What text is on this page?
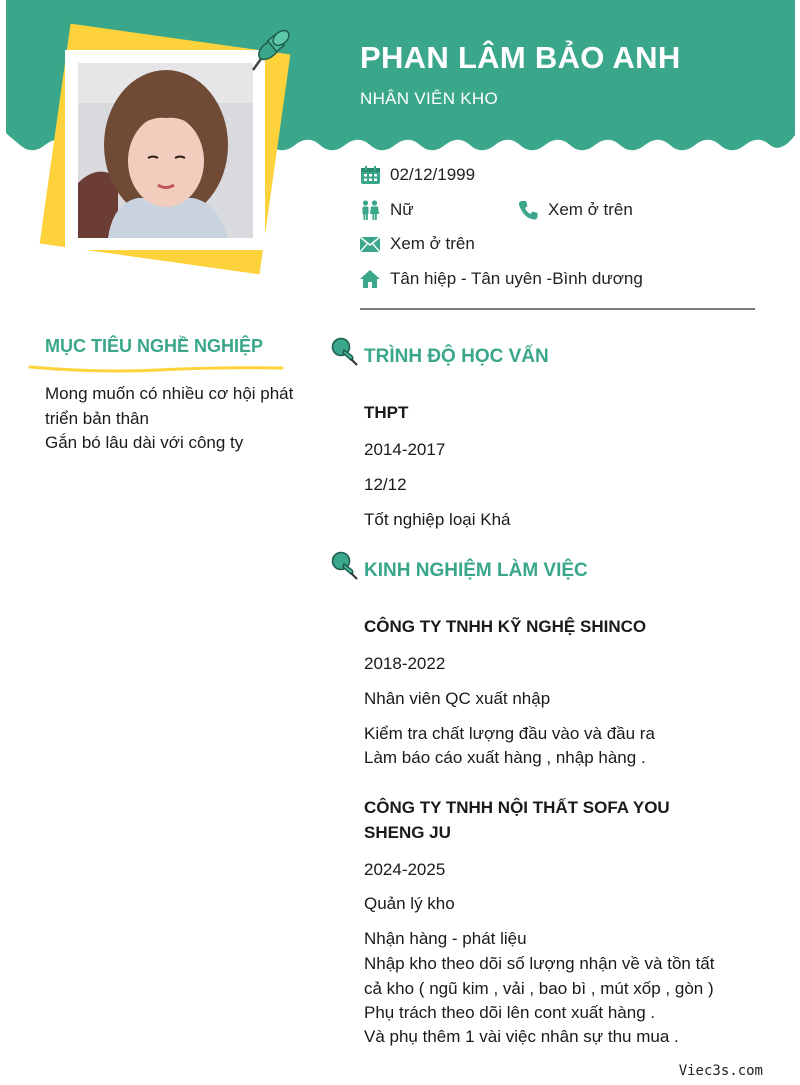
PHAN LÂM BẢO ANH
NHÂN VIÊN KHO
02/12/1999
Nữ	Xem ở trên
Xem ở trên
Tân hiệp - Tân uyên -Bình dương
MỤC TIÊU NGHỀ NGHIỆP
Mong muốn có nhiều cơ hội phát triển bản thân
Gắn bó lâu dài với công ty
TRÌNH ĐỘ HỌC VẤN
THPT
2014-2017
12/12
Tốt nghiệp loại Khá
KINH NGHIỆM LÀM VIỆC
CÔNG TY TNHH KỸ NGHỆ SHINCO
2018-2022
Nhân viên QC xuất nhập
Kiểm tra chất lượng đầu vào và đầu ra
Làm báo cáo xuất hàng , nhập hàng .
CÔNG TY TNHH NỘI THẤT SOFA YOU SHENG JU
2024-2025
Quản lý kho
Nhận hàng - phát liệu
Nhập kho theo dõi số lượng nhận về và tồn tất cả kho ( ngũ kim , vải , bao bì , mút xốp , gòn )
Phụ trách theo dõi lên cont xuất hàng .
Và phụ thêm 1 vài việc nhân sự thu mua .
Viec3s.com
